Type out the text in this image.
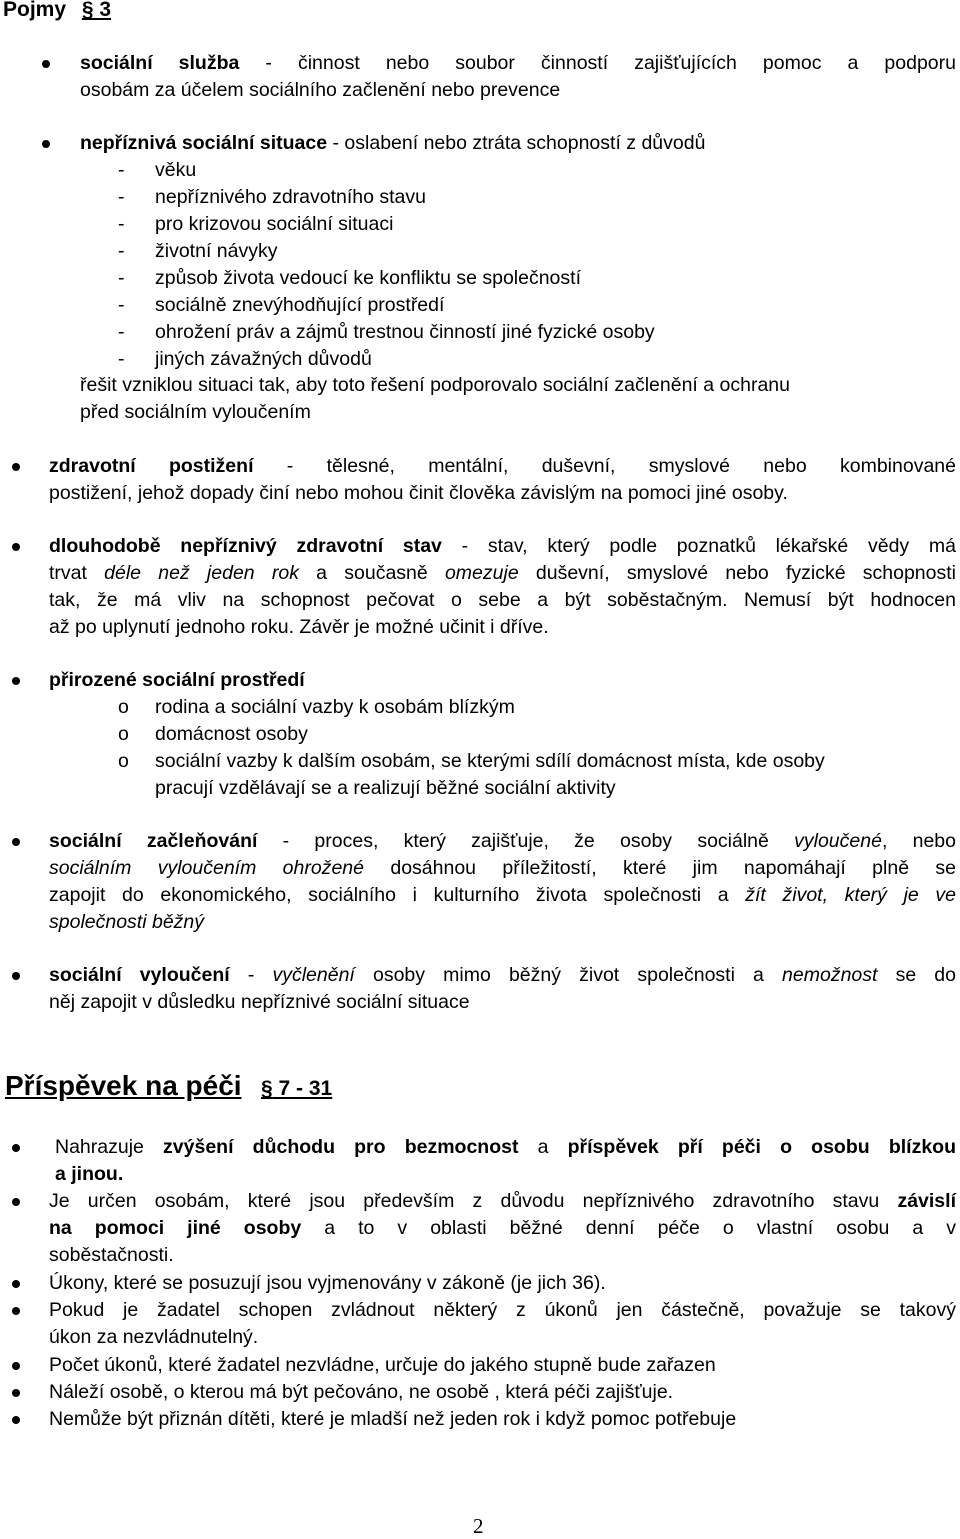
Pojmy § 3
sociální služba - činnost nebo soubor činností zajišťujících pomoc a podporu
osobám za účelem sociálního začlenění nebo prevence
nepříznivá sociální situace - oslabení nebo ztráta schopností z důvodů
- věku
- nepříznivého zdravotního stavu
- pro krizovou sociální situaci
- životní návyky
- způsob života vedoucí ke konfliktu se společností
- sociálně znevýhodňující prostředí
- ohrožení práv a zájmů trestnou činností jiné fyzické osoby
- jiných závažných důvodů
řešit vzniklou situaci tak, aby toto řešení podporovalo sociální začlenění a ochranu
před sociálním vyloučením
zdravotní postižení - tělesné, mentální, duševní, smyslové nebo kombinované
postižení, jehož dopady činí nebo mohou činit člověka závislým na pomoci jiné osoby.
dlouhodobě nepříznivý zdravotní stav - stav, který podle poznatků lékařské vědy má
trvat déle než jeden rok a současně omezuje duševní, smyslové nebo fyzické schopnosti
tak, že má vliv na schopnost pečovat o sebe a být soběstačným. Nemusí být hodnocen
až po uplynutí jednoho roku. Závěr je možné učinit i dříve.
přirozené sociální prostředí
o rodina a sociální vazby k osobám blízkým
o domácnost osoby
o sociální vazby k dalším osobám, se kterými sdílí domácnost místa, kde osoby
pracují vzdělávají se a realizují běžné sociální aktivity
sociální začleňování - proces, který zajišťuje, že osoby sociálně vyloučené, nebo
sociálním vyloučením ohrožené dosáhnou příležitostí, které jim napomáhají plně se
zapojit do ekonomického, sociálního i kulturního života společnosti a žít život, který je ve
společnosti běžný
sociální vyloučení - vyčlenění osoby mimo běžný život společnosti a nemožnost se do
něj zapojit v důsledku nepříznivé sociální situace
Příspěvek na péči § 7 - 31
Nahrazuje zvýšení důchodu pro bezmocnost a příspěvek pří péči o osobu blízkou
a jinou.
Je určen osobám, které jsou především z důvodu nepříznivého zdravotního stavu závislí
na pomoci jiné osoby a to v oblasti běžné denní péče o vlastní osobu a v
soběstačnosti.
Úkony, které se posuzují jsou vyjmenovány v zákoně (je jich 36).
Pokud je žadatel schopen zvládnout některý z úkonů jen částečně, považuje se takový
úkon za nezvládnutelný.
Počet úkonů, které žadatel nezvládne, určuje do jakého stupně bude zařazen
Náleží osobě, o kterou má být pečováno, ne osobě , která péči zajišťuje.
Nemůže být přiznán dítěti, které je mladší než jeden rok i když pomoc potřebuje
2
